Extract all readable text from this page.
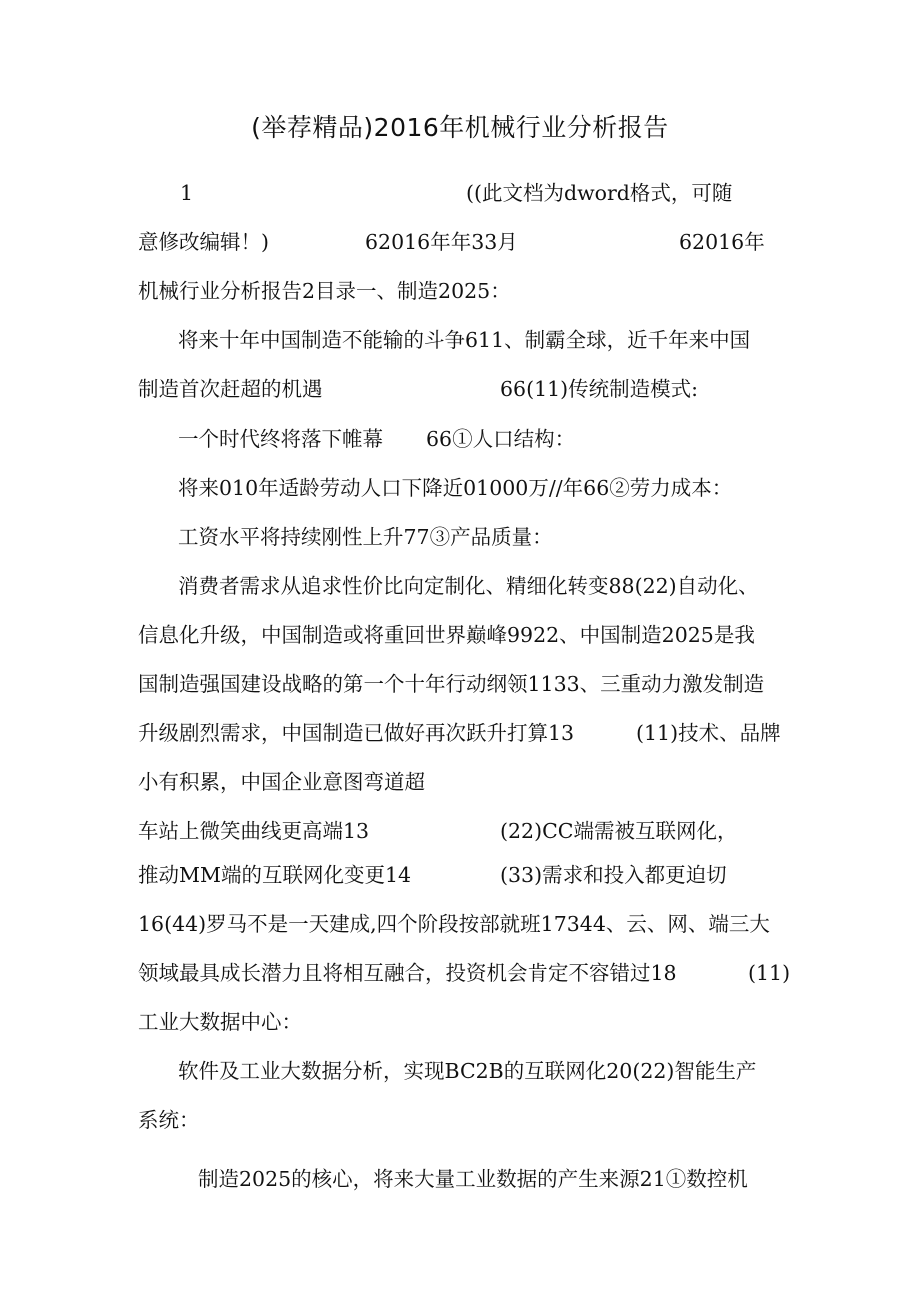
(举荐精品)2016年机械行业分析报告
1	((此文档为dword格式，可随
意修改编辑！)	62016年年33月	62016年
机械行业分析报告2目录一、制造2025：
将来十年中国制造不能输的斗争611、制霸全球，近千年来中国
制造首次赶超的机遇	66(11)传统制造模式:
一个时代终将落下帷幕 66①人口结构：
将来010年适龄劳动人口下降近01000万//年66②劳力成本：
工资水平将持续刚性上升77③产品质量：
消费者需求从追求性价比向定制化、精细化转变88(22)自动化、
信息化升级，中国制造或将重回世界巅峰9922、中国制造2025是我
国制造强国建设战略的第一个十年行动纲领1133、三重动力激发制造
升级剧烈需求，中国制造已做好再次跃升打算13	(11)技术、品牌
小有积累，中国企业意图弯道超
车站上微笑曲线更高端13	(22)CC端需被互联网化，
推动MM端的互联网化变更14	(33)需求和投入都更迫切
16(44)罗马不是一天建成,四个阶段按部就班17344、云、网、端三大
领域最具成长潜力且将相互融合，投资机会肯定不容错过18	(11)
工业大数据中心：
软件及工业大数据分析，实现BC2B的互联网化20(22)智能生产
系统：
制造2025的核心，将来大量工业数据的产生来源21①数控机
